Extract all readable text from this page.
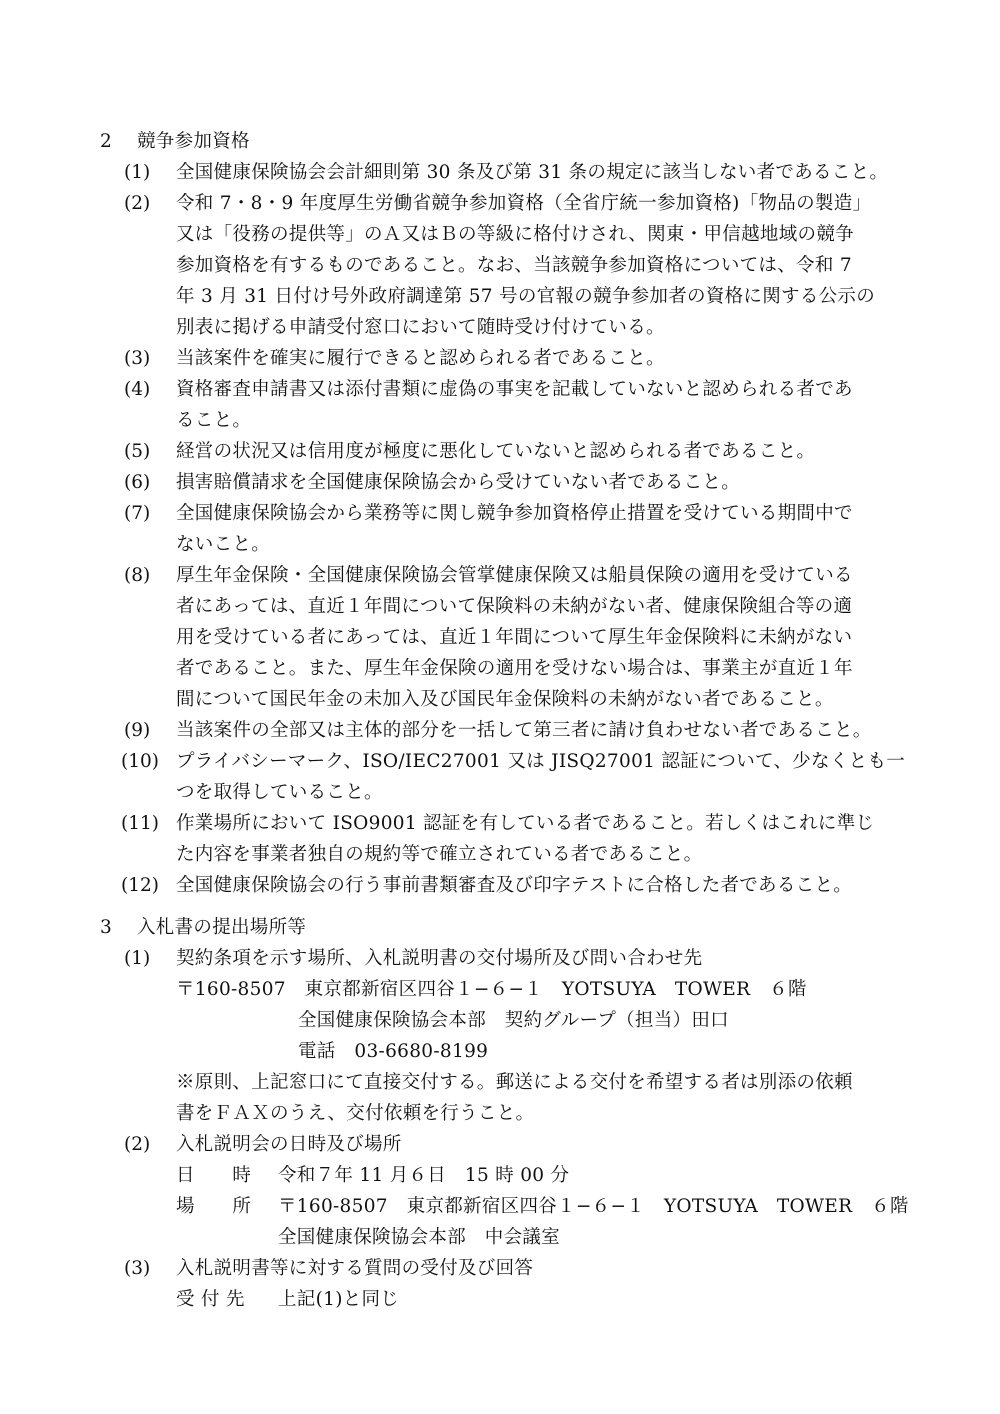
2 競争参加資格
(1) 全国健康保険協会会計細則第 30 条及び第 31 条の規定に該当しない者であること。
(2) 令和 7・8・9 年度厚生労働省競争参加資格（全省庁統一参加資格)「物品の製造」
又は「役務の提供等」のＡ又はＢの等級に格付けされ、関東・甲信越地域の競争
参加資格を有するものであること。なお、当該競争参加資格については、令和 7
年 3 月 31 日付け号外政府調達第 57 号の官報の競争参加者の資格に関する公示の
別表に掲げる申請受付窓口において随時受け付けている。
(3) 当該案件を確実に履行できると認められる者であること。
(4) 資格審査申請書又は添付書類に虚偽の事実を記載していないと認められる者であ
ること。
(5) 経営の状況又は信用度が極度に悪化していないと認められる者であること。
(6) 損害賠償請求を全国健康保険協会から受けていない者であること。
(7) 全国健康保険協会から業務等に関し競争参加資格停止措置を受けている期間中で
ないこと。
(8) 厚生年金保険・全国健康保険協会管掌健康保険又は船員保険の適用を受けている
者にあっては、直近１年間について保険料の未納がない者、健康保険組合等の適
用を受けている者にあっては、直近１年間について厚生年金保険料に未納がない
者であること。また、厚生年金保険の適用を受けない場合は、事業主が直近１年
間について国民年金の未加入及び国民年金保険料の未納がない者であること。
(9) 当該案件の全部又は主体的部分を一括して第三者に請け負わせない者であること。
(10) プライバシーマーク、ISO/IEC27001 又は JISQ27001 認証について、少なくとも一
つを取得していること。
(11) 作業場所において ISO9001 認証を有している者であること。若しくはこれに準じ
た内容を事業者独自の規約等で確立されている者であること。
(12) 全国健康保険協会の行う事前書類審査及び印字テストに合格した者であること。
3 入札書の提出場所等
(1) 契約条項を示す場所、入札説明書の交付場所及び問い合わせ先
〒160-8507　東京都新宿区四谷１−６−１　YOTSUYA　TOWER　６階
全国健康保険協会本部　契約グループ（担当）田口
電話　03-6680-8199
※原則、上記窓口にて直接交付する。郵送による交付を希望する者は別添の依頼
書をＦＡＸのうえ、交付依頼を行うこと。
(2) 入札説明会の日時及び場所
日　　時 令和７年 11 月６日　15 時 00 分
場　　所 〒160-8507　東京都新宿区四谷１−６−１　YOTSUYA　TOWER　６階
全国健康保険協会本部　中会議室
(3) 入札説明書等に対する質問の受付及び回答
受 付 先 上記(1)と同じ
